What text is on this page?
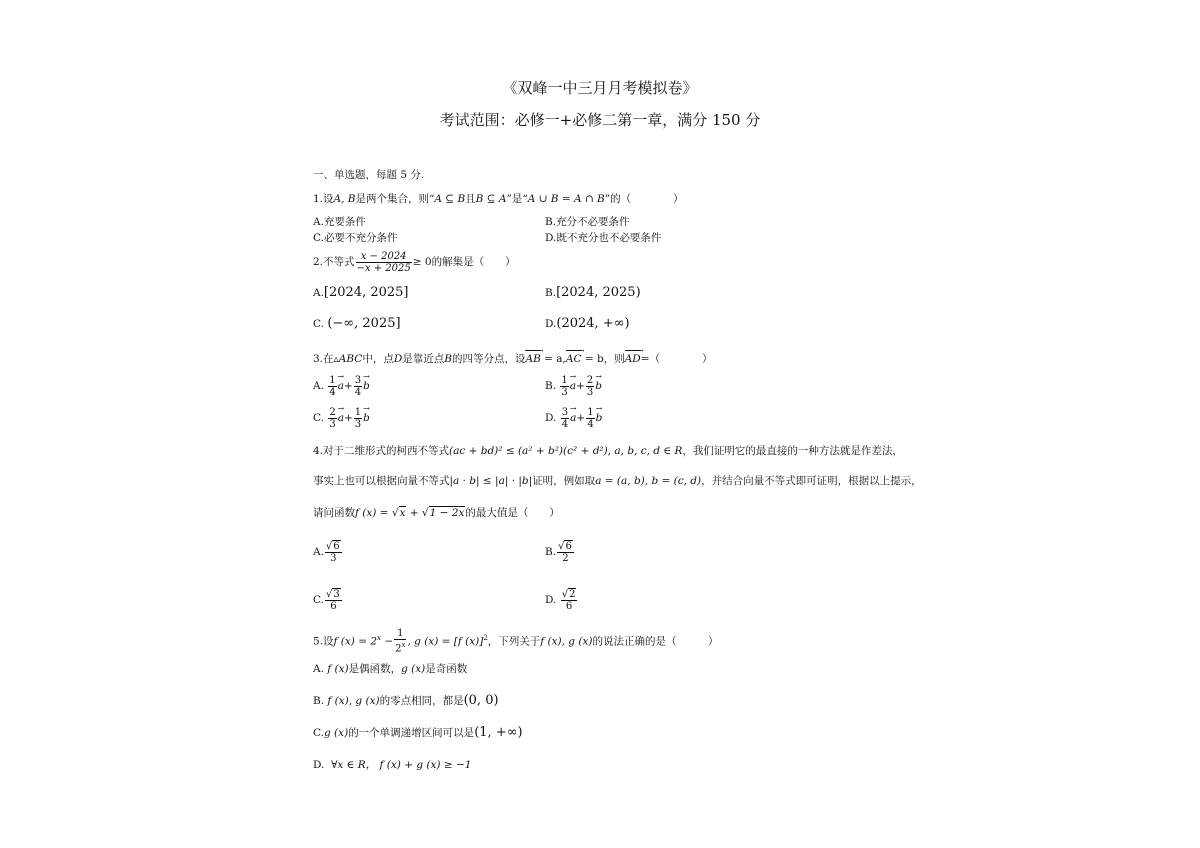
《双峰一中三月月考模拟卷》
考试范围：必修一+必修二第一章，满分 150 分
一、单选题，每题 5 分.
1.设A, B是两个集合，则“A ⊆ B且B ⊆ A”是“A ∪ B = A ∩ B”的（　　　　）
A.充要条件	B.充分不必要条件
C.必要不充分条件	D.既不充分也不必要条件
2.不等式 $\frac{x - 2024}{-x + 2025} \ge 0$的解集是（　　）
A.[2024, 2025]	B.[2024, 2025)
C. (−∞, 2025]	D.(2024, +∞)
3.在▵ABC中，点D是靠近点B的四等分点，设AB → = a,AC → = b，则AD →=（　　　　）
A. $\frac{1}{4}$
→ $a+ \frac{3}{4}$
→ b	B. $\frac{1}{3}$
→ $a+ \frac{2}{3}$
→ b
C. $\frac{2}{3}$
→ $a+ \frac{1}{3}$
→ b	D. $\frac{3}{4}$
→ $a+ \frac{1}{4}$
→ b
4.对于二维形式的柯西不等式(ac + bd)² ≤ (a² + b²)(c² + d²), a, b, c, d ∈ R，我们证明它的最直接的一种方法就是作差法，
事实上也可以根据向量不等式|a · b| ≤ |a| · |b|证明，例如取a = (a, b), b = (c, d)，并结合向量不等式即可证明，根据以上提示，
请问函数f (x) = √x + √1 − 2x的最大值是（　　）
A. $\frac{√6}{3}$	B. $\frac{√6}{2}$
C. $\frac{√3}{6}$	D. $\frac{√2}{6}$
5.设f $(x) = 2^x - \frac{1}{2^x}$ , g (x) = [f (x)]$^2$，下列关于f (x), g (x)的说法正确的是（　　　）
A. f (x)是偶函数，g (x)是奇函数
B. f (x), g (x)的零点相同，都是(0, 0)
C.g (x)的一个单调递增区间可以是(1, +∞)
D. ∀x ∈ R， f (x) + g (x) ≥ −1
